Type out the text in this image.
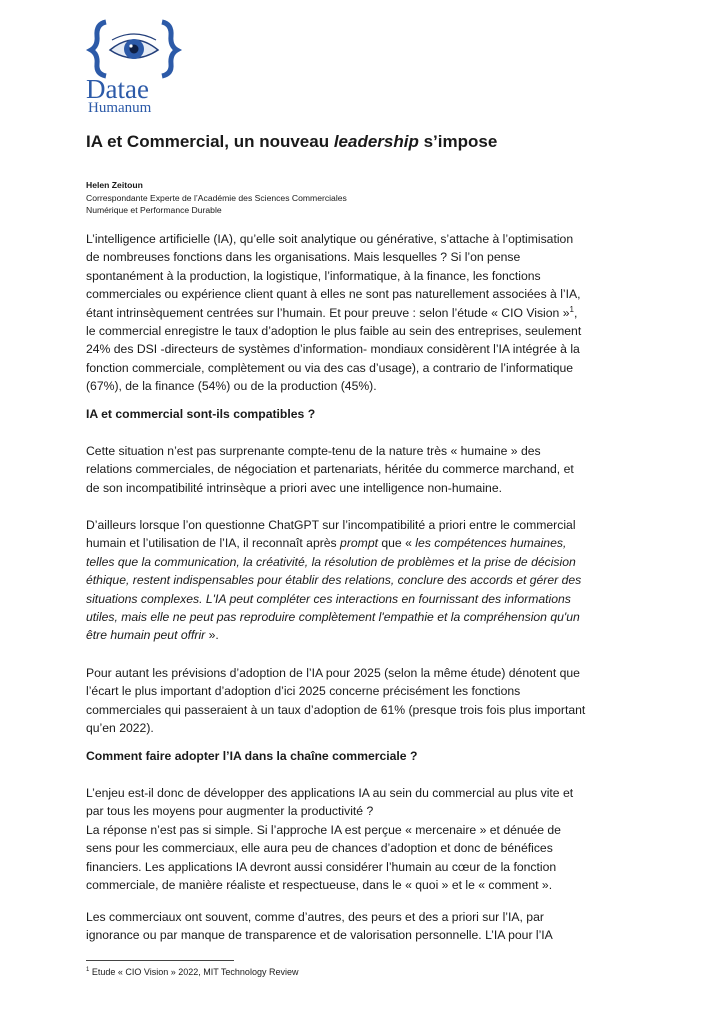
Datae
Humanum
IA et Commercial, un nouveau leadership s’impose
Helen Zeitoun
Correspondante Experte de l’Académie des Sciences Commerciales
Numérique et Performance Durable
L’intelligence artificielle (IA), qu’elle soit analytique ou générative, s’attache à l’optimisation
de nombreuses fonctions dans les organisations. Mais lesquelles ? Si l’on pense
spontanément à la production, la logistique, l’informatique, à la finance, les fonctions
commerciales ou expérience client quant à elles ne sont pas naturellement associées à l’IA,
étant intrinsèquement centrées sur l’humain. Et pour preuve : selon l’étude « CIO Vision »$^1$,
le commercial enregistre le taux d’adoption le plus faible au sein des entreprises, seulement
24% des DSI -directeurs de systèmes d’information- mondiaux considèrent l’IA intégrée à la
fonction commerciale, complètement ou via des cas d’usage), a contrario de l’informatique
(67%), de la finance (54%) ou de la production (45%).
IA et commercial sont-ils compatibles ?
Cette situation n’est pas surprenante compte-tenu de la nature très « humaine » des
relations commerciales, de négociation et partenariats, héritée du commerce marchand, et
de son incompatibilité intrinsèque a priori avec une intelligence non-humaine.
D’ailleurs lorsque l’on questionne ChatGPT sur l’incompatibilité a priori entre le commercial
humain et l’utilisation de l’IA, il reconnaît après prompt que « les compétences humaines,
telles que la communication, la créativité, la résolution de problèmes et la prise de décision
éthique, restent indispensables pour établir des relations, conclure des accords et gérer des
situations complexes. L'IA peut compléter ces interactions en fournissant des informations
utiles, mais elle ne peut pas reproduire complètement l'empathie et la compréhension qu'un
être humain peut offrir ».
Pour autant les prévisions d’adoption de l’IA pour 2025 (selon la même étude) dénotent que
l’écart le plus important d’adoption d’ici 2025 concerne précisément les fonctions
commerciales qui passeraient à un taux d’adoption de 61% (presque trois fois plus important
qu’en 2022).
Comment faire adopter l’IA dans la chaîne commerciale ?
L’enjeu est-il donc de développer des applications IA au sein du commercial au plus vite et
par tous les moyens pour augmenter la productivité ?
La réponse n’est pas si simple. Si l’approche IA est perçue « mercenaire » et dénuée de
sens pour les commerciaux, elle aura peu de chances d’adoption et donc de bénéfices
financiers. Les applications IA devront aussi considérer l’humain au cœur de la fonction
commerciale, de manière réaliste et respectueuse, dans le « quoi » et le « comment ».
Les commerciaux ont souvent, comme d’autres, des peurs et des a priori sur l’IA, par
ignorance ou par manque de transparence et de valorisation personnelle. L’IA pour l’IA
$^1$ Etude « CIO Vision » 2022, MIT Technology Review
